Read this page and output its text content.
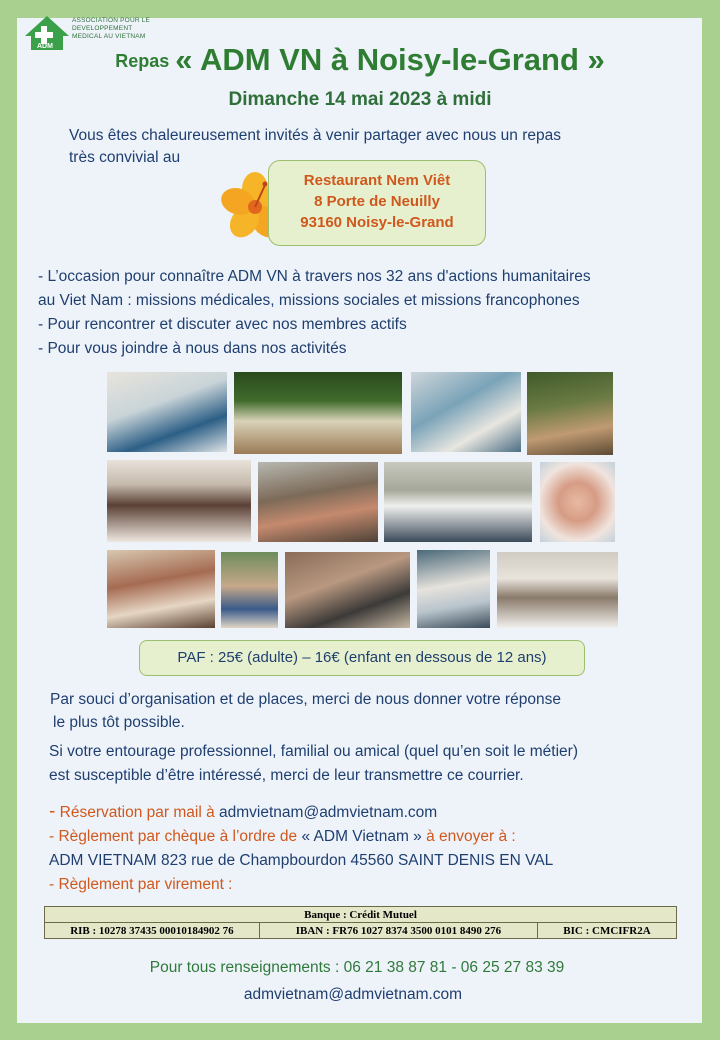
ADM
ASSOCIATION POUR LE
DEVELOPPEMENT
MEDICAL AU VIETNAM
Repas « ADM VN à Noisy-le-Grand »
Dimanche 14 mai 2023 à midi
Vous êtes chaleureusement invités à venir partager avec nous un repas
très convivial au
Restaurant Nem Viêt
8 Porte de Neuilly
93160 Noisy-le-Grand
- L’occasion pour connaître ADM VN à travers nos 32 ans d'actions humanitaires
au Viet Nam : missions médicales, missions sociales et missions francophones
- Pour rencontrer et discuter avec nos membres actifs
- Pour vous joindre à nous dans nos activités
PAF : 25€ (adulte) – 16€ (enfant en dessous de 12 ans)
Par souci d’organisation et de places, merci de nous donner votre réponse
le plus tôt possible.
Si votre entourage professionnel, familial ou amical (quel qu’en soit le métier)
est susceptible d’être intéressé, merci de leur transmettre ce courrier.
- Réservation par mail à admvietnam@admvietnam.com
- Règlement par chèque à l’ordre de « ADM Vietnam » à envoyer à :
ADM VIETNAM 823 rue de Champbourdon 45560 SAINT DENIS EN VAL
- Règlement par virement :
Banque : Crédit Mutuel
RIB : 10278 37435 00010184902 76	IBAN : FR76 1027 8374 3500 0101 8490 276	BIC : CMCIFR2A
Pour tous renseignements : 06 21 38 87 81 - 06 25 27 83 39
admvietnam@admvietnam.com
